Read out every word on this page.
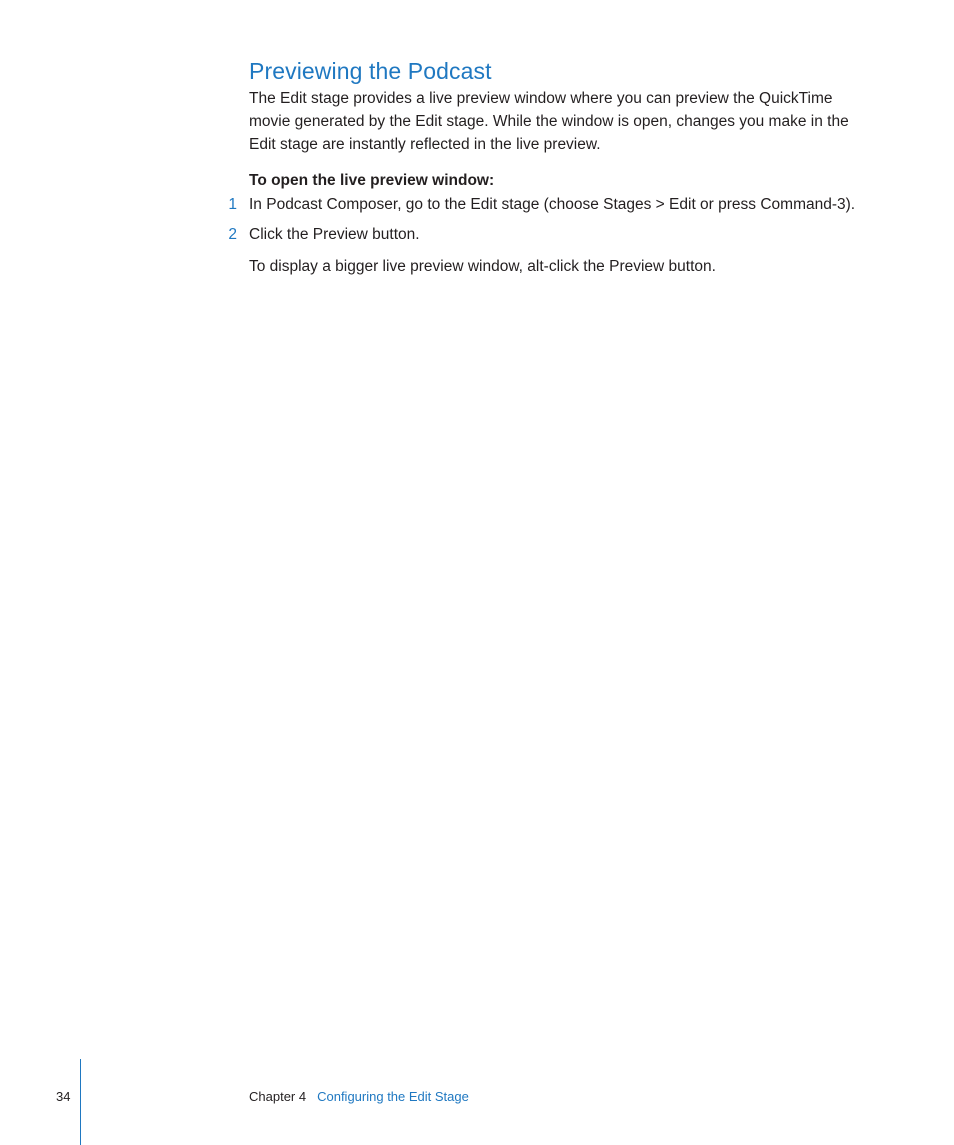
Previewing the Podcast

The Edit stage provides a live preview window where you can preview the QuickTime movie generated by the Edit stage. While the window is open, changes you make in the Edit stage are instantly reflected in the live preview.

To open the live preview window:

1 In Podcast Composer, go to the Edit stage (choose Stages > Edit or press Command-3).
2 Click the Preview button.

To display a bigger live preview window, alt-click the Preview button.

34	Chapter 4 Configuring the Edit Stage
